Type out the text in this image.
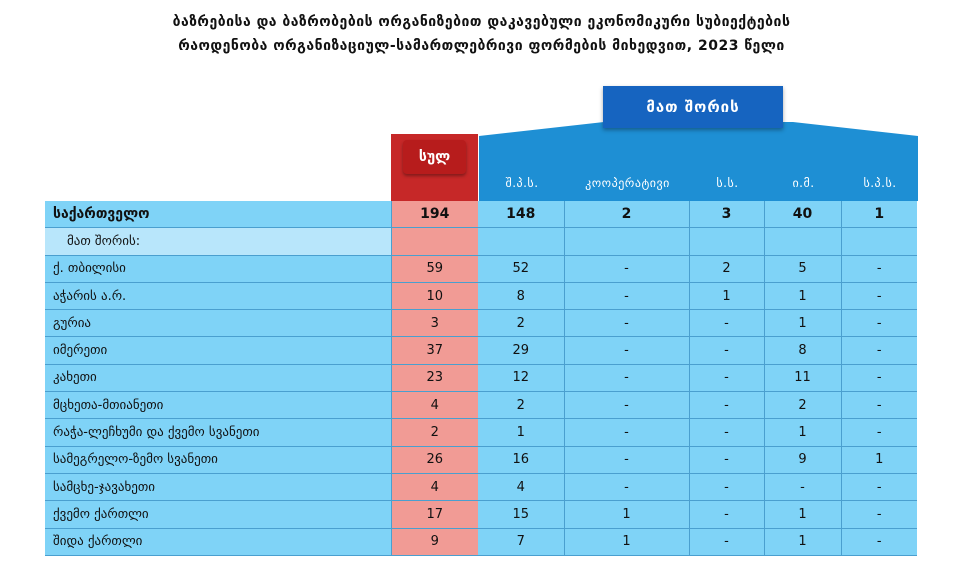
ბაზრებისა და ბაზრობების ორგანიზებით დაკავებული ეკონომიკური სუბიექტების
რაოდენობა ორგანიზაციულ-სამართლებრივი ფორმების მიხედვით, 2023 წელი
სულ
მათ შორის
შ.პ.ს.	კოოპერატივი	ს.ს.	ი.მ.	ს.პ.ს.
საქართველო	194	148	2	3	40	1
მათ შორის:						
ქ. თბილისი	59	52	-	2	5	-
აჭარის ა.რ.	10	8	-	1	1	-
გურია	3	2	-	-	1	-
იმერეთი	37	29	-	-	8	-
კახეთი	23	12	-	-	11	-
მცხეთა-მთიანეთი	4	2	-	-	2	-
რაჭა-ლეჩხუმი და ქვემო სვანეთი	2	1	-	-	1	-
სამეგრელო-ზემო სვანეთი	26	16	-	-	9	1
სამცხე-ჯავახეთი	4	4	-	-	-	-
ქვემო ქართლი	17	15	1	-	1	-
შიდა ქართლი	9	7	1	-	1	-
